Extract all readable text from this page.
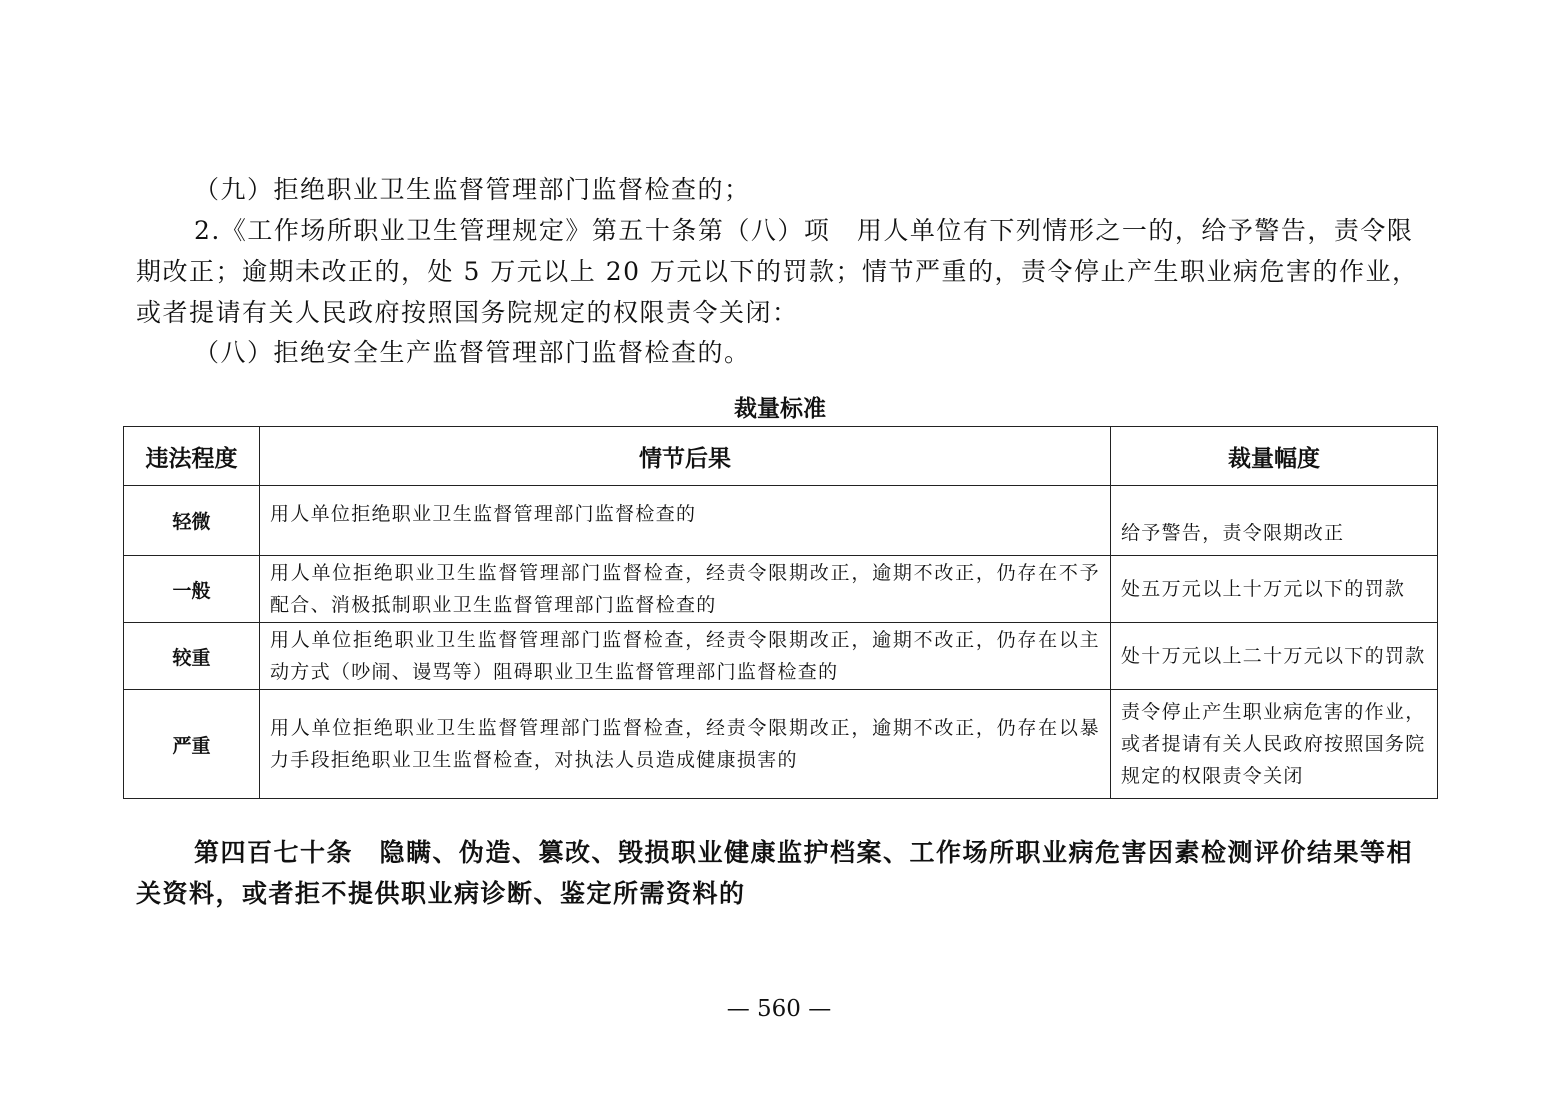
（九）拒绝职业卫生监督管理部门监督检查的；

2.《工作场所职业卫生管理规定》第五十条第（八）项　用人单位有下列情形之一的，给予警告，责令限期改正；逾期未改正的，处 5 万元以上 20 万元以下的罚款；情节严重的，责令停止产生职业病危害的作业，或者提请有关人民政府按照国务院规定的权限责令关闭：

（八）拒绝安全生产监督管理部门监督检查的。

裁量标准
违法程度	情节后果	裁量幅度
轻微	用人单位拒绝职业卫生监督管理部门监督检查的	给予警告，责令限期改正
一般	用人单位拒绝职业卫生监督管理部门监督检查，经责令限期改正，逾期不改正，仍存在不予配合、消极抵制职业卫生监督管理部门监督检查的	处五万元以上十万元以下的罚款
较重	用人单位拒绝职业卫生监督管理部门监督检查，经责令限期改正，逾期不改正，仍存在以主动方式（吵闹、谩骂等）阻碍职业卫生监督管理部门监督检查的	处十万元以上二十万元以下的罚款
严重	用人单位拒绝职业卫生监督管理部门监督检查，经责令限期改正，逾期不改正，仍存在以暴力手段拒绝职业卫生监督检查，对执法人员造成健康损害的	责令停止产生职业病危害的作业，或者提请有关人民政府按照国务院规定的权限责令关闭

第四百七十条　隐瞒、伪造、篡改、毁损职业健康监护档案、工作场所职业病危害因素检测评价结果等相关资料，或者拒不提供职业病诊断、鉴定所需资料的

— 560 —
